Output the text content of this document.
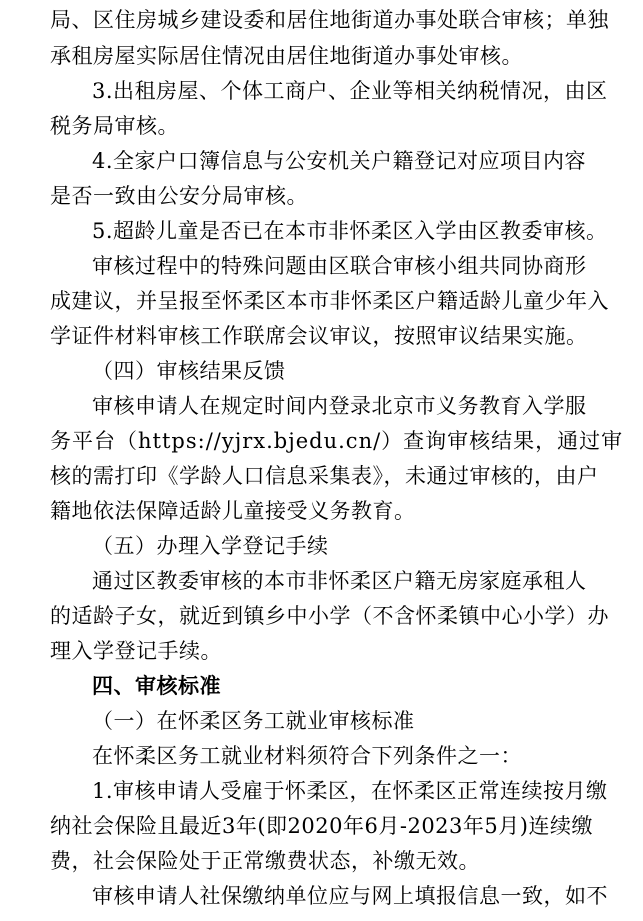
局、区住房城乡建设委和居住地街道办事处联合审核；单独
承租房屋实际居住情况由居住地街道办事处审核。
3.出租房屋、个体工商户、企业等相关纳税情况，由区
税务局审核。
4.全家户口簿信息与公安机关户籍登记对应项目内容
是否一致由公安分局审核。
5.超龄儿童是否已在本市非怀柔区入学由区教委审核。
审核过程中的特殊问题由区联合审核小组共同协商形
成建议，并呈报至怀柔区本市非怀柔区户籍适龄儿童少年入
学证件材料审核工作联席会议审议，按照审议结果实施。
（四）审核结果反馈
审核申请人在规定时间内登录北京市义务教育入学服
务平台（https://yjrx.bjedu.cn/）查询审核结果，通过审
核的需打印《学龄人口信息采集表》，未通过审核的，由户
籍地依法保障适龄儿童接受义务教育。
（五）办理入学登记手续
通过区教委审核的本市非怀柔区户籍无房家庭承租人
的适龄子女，就近到镇乡中小学（不含怀柔镇中心小学）办
理入学登记手续。
四、审核标准
（一）在怀柔区务工就业审核标准
在怀柔区务工就业材料须符合下列条件之一：
1.审核申请人受雇于怀柔区，在怀柔区正常连续按月缴
纳社会保险且最近3年(即2020年6月-2023年5月)连续缴
费，社会保险处于正常缴费状态，补缴无效。
审核申请人社保缴纳单位应与网上填报信息一致，如不
